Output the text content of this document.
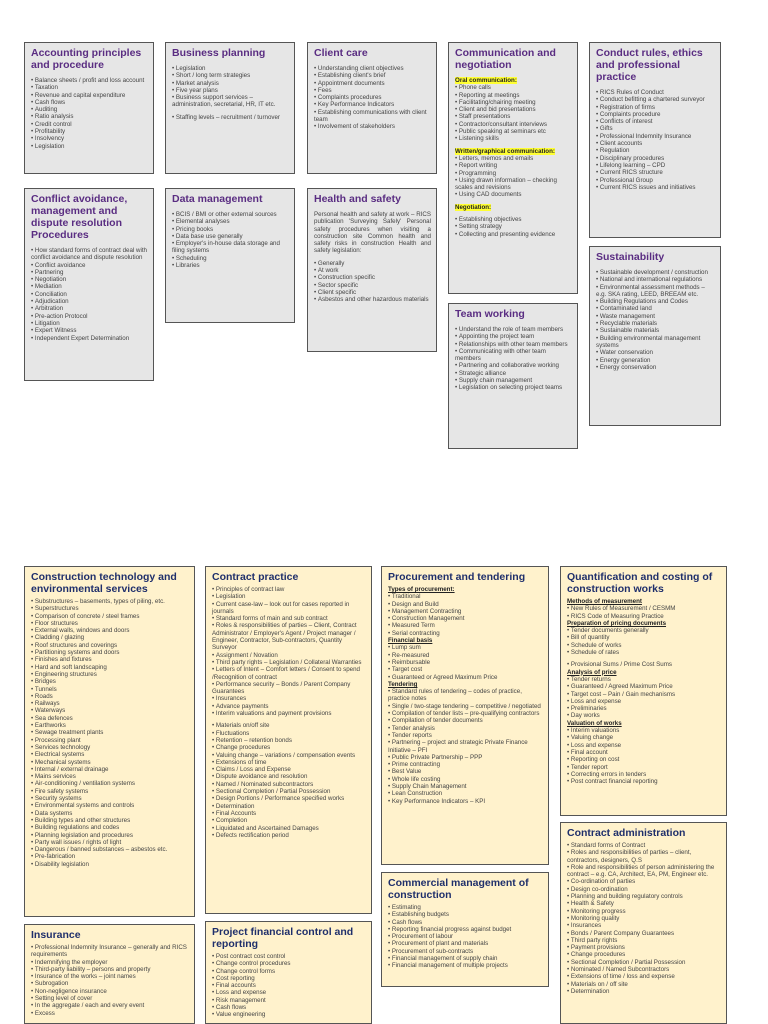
Accounting principles and procedure
• Balance sheets / profit and loss account
• Taxation
• Revenue and capital expenditure
• Cash flows
• Auditing
• Ratio analysis
• Credit control
• Profitability
• Insolvency
• Legislation
Business planning
• Legislation
• Short / long term strategies
• Market analysis
• Five year plans
• Business support services – administration, secretarial, HR, IT etc.
• Staffing levels – recruitment / turnover
Client care
• Understanding client objectives
• Establishing client's brief
• Appointment documents
• Fees
• Complaints procedures
• Key Performance Indicators
• Establishing communications with client team
• Involvement of stakeholders
Communication and negotiation
Oral communication:
• Phone calls
• Reporting at meetings
• Facilitating/chairing meeting
• Client and bid presentations
• Staff presentations
• Contractor/consultant interviews
• Public speaking at seminars etc
• Listening skills
Written/graphical communication:
• Letters, memos and emails
• Report writing
• Programming
• Using drawn information – checking scales and revisions
• Using CAD documents
Negotiation:
• Establishing objectives
• Setting strategy
• Collecting and presenting evidence
Conduct rules, ethics and professional practice
• RICS Rules of Conduct
• Conduct befitting a chartered surveyor
• Registration of firms
• Complaints procedure
• Conflicts of interest
• Gifts
• Professional Indemnity Insurance
• Client accounts
• Regulation
• Disciplinary procedures
• Lifelong learning – CPD
• Current RICS structure
• Professional Group
• Current RICS issues and initiatives
Conflict avoidance, management and dispute resolution Procedures
• How standard forms of contract deal with conflict avoidance and dispute resolution
• Conflict avoidance
• Partnering
• Negotiation
• Mediation
• Conciliation
• Adjudication
• Arbitration
• Pre-action Protocol
• Litigation
• Expert Witness
• Independent Expert Determination
Data management
• BCIS / BMI or other external sources
• Elemental analyses
• Pricing books
• Data base use generally
• Employer's in-house data storage and filing systems
• Scheduling
• Libraries
Health and safety
Personal health and safety at work – RICS publication 'Surveying Safely' Personal safety procedures when visiting a construction site Common health and safety risks in construction Health and safety legislation:
• Generally
• At work
• Construction specific
• Sector specific
• Client specific
• Asbestos and other hazardous materials
Team working
• Understand the role of team members
• Appointing the project team
• Relationships with other team members
• Communicating with other team members
• Partnering and collaborative working
• Strategic alliance
• Supply chain management
• Legislation on selecting project teams
Sustainability
• Sustainable development / construction
• National and international regulations
• Environmental assessment methods – e.g. SKA rating, LEED, BREEAM etc.
• Building Regulations and Codes
• Contaminated land
• Waste management
• Recyclable materials
• Sustainable materials
• Building environmental management systems
• Water conservation
• Energy generation
• Energy conservation
Construction technology and environmental services
• Substructures – basements, types of piling, etc.
• Superstructures
• Comparison of concrete / steel frames
• Floor structures
• External walls, windows and doors
• Cladding / glazing
• Roof structures and coverings
• Partitioning systems and doors
• Finishes and fixtures
• Hard and soft landscaping
• Engineering structures
• Bridges
• Tunnels
• Roads
• Railways
• Waterways
• Sea defences
• Earthworks
• Sewage treatment plants
• Processing plant
• Services technology
• Electrical systems
• Mechanical systems
• Internal / external drainage
• Mains services
• Air-conditioning / ventilation systems
• Fire safety systems
• Security systems
• Environmental systems and controls
• Data systems
• Building types and other structures
• Building regulations and codes
• Planning legislation and procedures
• Party wall issues / rights of light
• Dangerous / banned substances – asbestos etc.
• Pre-fabrication
• Disability legislation
Insurance
• Professional Indemnity Insurance – generally and RICS requirements
• Indemnifying the employer
• Third-party liability – persons and property
• Insurance of the works – joint names
• Subrogation
• Non-negligence insurance
• Setting level of cover
• In the aggregate / each and every event
• Excess
Contract practice
• Principles of contract law
• Legislation
• Current case-law – look out for cases reported in journals
• Standard forms of main and sub contract
• Roles & responsibilities of parties – Client, Contract Administrator / Employer's Agent / Project manager / Engineer, Contractor, Sub-contractors, Quantity Surveyor
• Assignment / Novation
• Third party rights – Legislation / Collateral Warranties
• Letters of Intent – Comfort letters / Consent to spend /Recognition of contract
• Performance security – Bonds / Parent Company Guarantees
• Insurances
• Advance payments
• Interim valuations and payment provisions
• Materials on/off site
• Fluctuations
• Retention – retention bonds
• Change procedures
• Valuing change – variations / compensation events
• Extensions of time
• Claims / Loss and Expense
• Dispute avoidance and resolution
• Named / Nominated subcontractors
• Sectional Completion / Partial Possession
• Design Portions / Performance specified works
• Determination
• Final Accounts
• Completion
• Liquidated and Ascertained Damages
• Defects rectification period
Project financial control and reporting
• Post contract cost control
• Change control procedures
• Change control forms
• Cost reporting
• Final accounts
• Loss and expense
• Risk management
• Cash flows
• Value engineering
Procurement and tendering
Types of procurement:
• Traditional
• Design and Build
• Management Contracting
• Construction Management
• Measured Term
• Serial contracting
Financial basis
• Lump sum
• Re-measured
• Reimbursable
• Target cost
• Guaranteed or Agreed Maximum Price
Tendering
• Standard rules of tendering – codes of practice, practice notes
• Single / two-stage tendering – competitive / negotiated
• Compilation of tender lists – pre-qualifying contractors
• Compilation of tender documents
• Tender analysis
• Tender reports
• Partnering – project and strategic Private Finance Initiative – PFI
• Public Private Partnership – PPP
• Prime contracting
• Best Value
• Whole life costing
• Supply Chain Management
• Lean Construction
• Key Performance Indicators – KPI
Commercial management of construction
• Estimating
• Establishing budgets
• Cash flows
• Reporting financial progress against budget
• Procurement of labour
• Procurement of plant and materials
• Procurement of sub-contracts
• Financial management of supply chain
• Financial management of multiple projects
Quantification and costing of construction works
Methods of measurement
• New Rules of Measurement / CESMM
• RICS Code of Measuring Practice
Preparation of pricing documents
• Tender documents generally
• Bill of quantity
• Schedule of works
• Schedule of rates
• Provisional Sums / Prime Cost Sums
Analysis of price
• Tender returns
• Guaranteed / Agreed Maximum Price
• Target cost – Pain / Gain mechanisms
• Loss and expense
• Preliminaries
• Day works
Valuation of works
• Interim valuations
• Valuing change
• Loss and expense
• Final account
• Reporting on cost
• Tender report
• Correcting errors in tenders
• Post contract financial reporting
Contract administration
• Standard forms of Contract
• Roles and responsibilities of parties – client, contractors, designers, Q.S
• Role and responsibilities of person administering the contract – e.g. CA, Architect, EA, PM, Engineer etc.
• Co-ordination of parties
• Design co-ordination
• Planning and building regulatory controls
• Health & Safety
• Monitoring progress
• Monitoring quality
• Insurances
• Bonds / Parent Company Guarantees
• Third party rights
• Payment provisions
• Change procedures
• Sectional Completion / Partial Possession
• Nominated / Named Subcontractors
• Extensions of time / loss and expense
• Materials on / off site
• Determination
